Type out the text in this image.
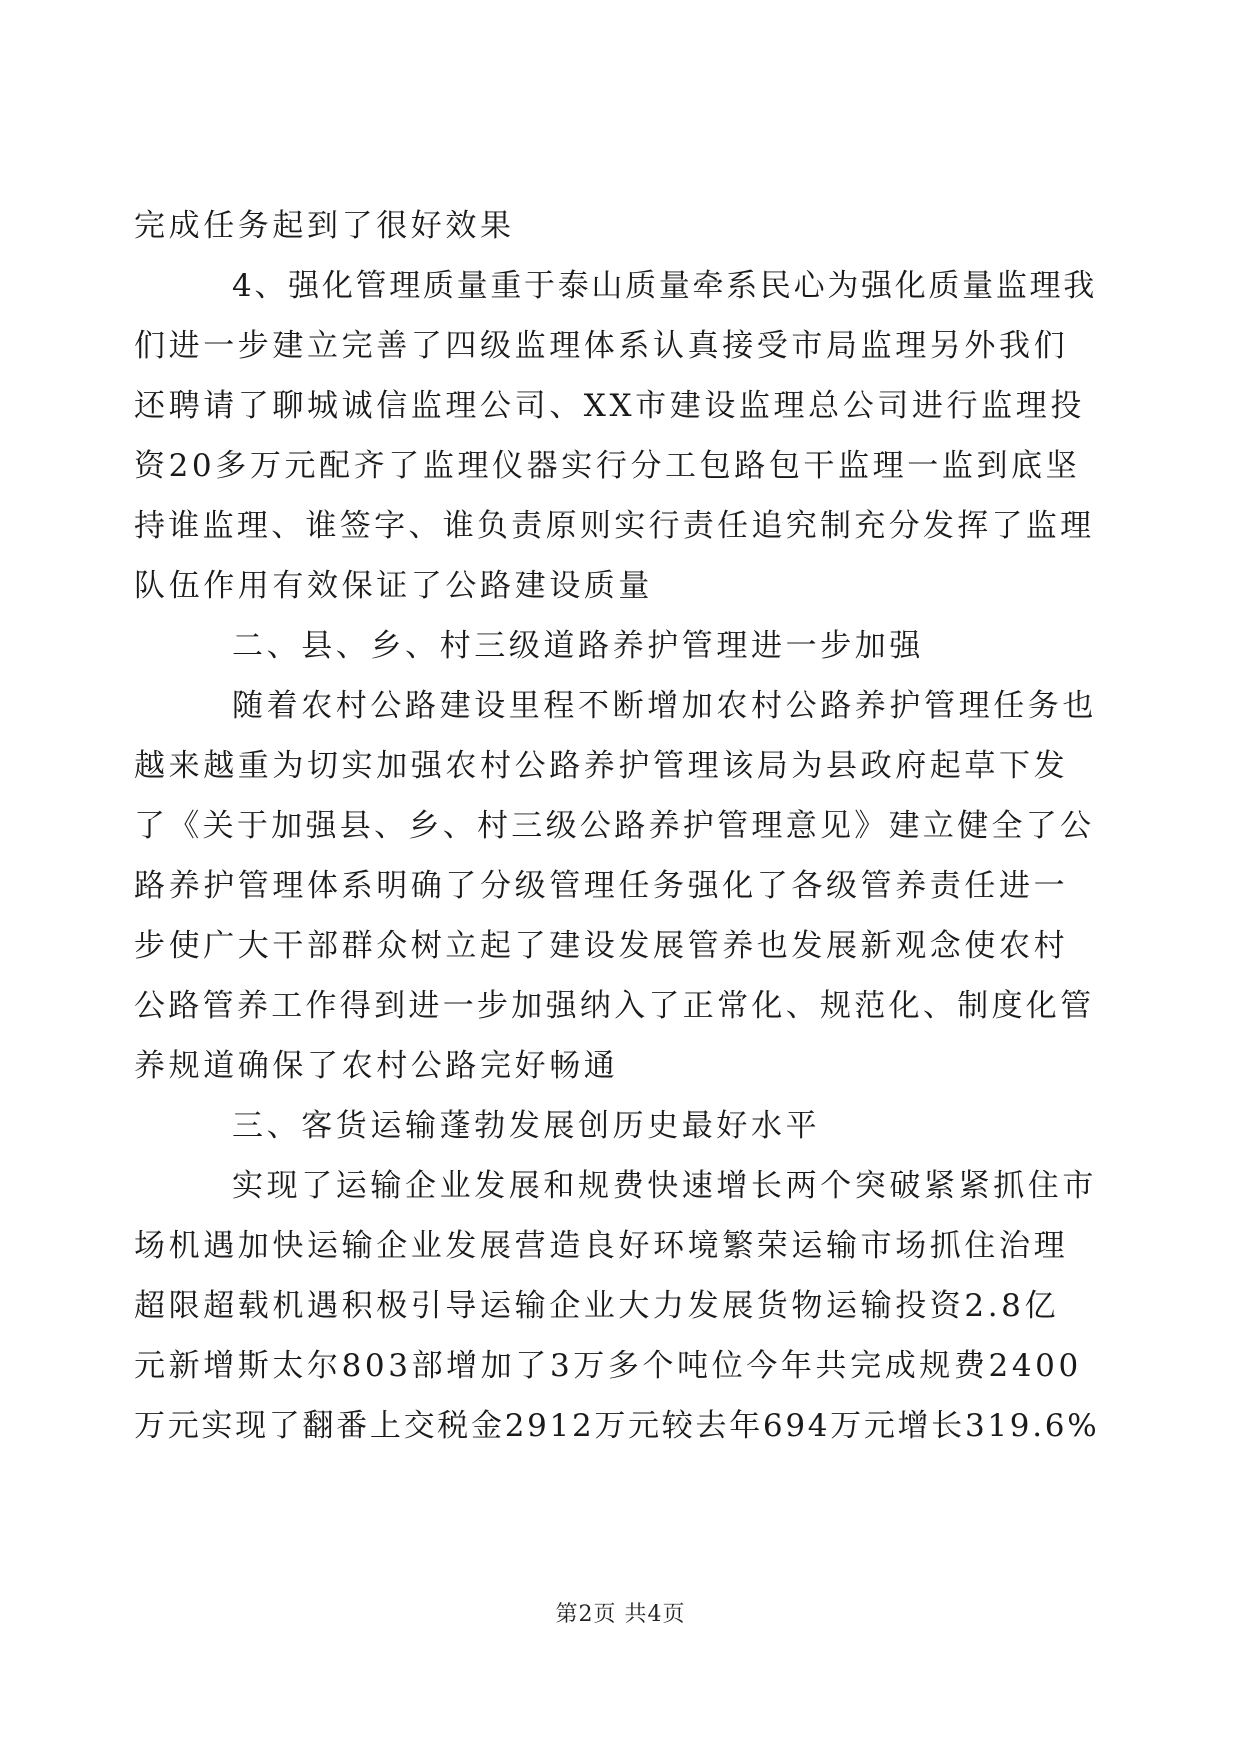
完成任务起到了很好效果
4、强化管理质量重于泰山质量牵系民心为强化质量监理我
们进一步建立完善了四级监理体系认真接受市局监理另外我们
还聘请了聊城诚信监理公司、XX市建设监理总公司进行监理投
资20多万元配齐了监理仪器实行分工包路包干监理一监到底坚
持谁监理、谁签字、谁负责原则实行责任追究制充分发挥了监理
队伍作用有效保证了公路建设质量
二、县、乡、村三级道路养护管理进一步加强
随着农村公路建设里程不断增加农村公路养护管理任务也
越来越重为切实加强农村公路养护管理该局为县政府起草下发
了《关于加强县、乡、村三级公路养护管理意见》建立健全了公
路养护管理体系明确了分级管理任务强化了各级管养责任进一
步使广大干部群众树立起了建设发展管养也发展新观念使农村
公路管养工作得到进一步加强纳入了正常化、规范化、制度化管
养规道确保了农村公路完好畅通
三、客货运输蓬勃发展创历史最好水平
实现了运输企业发展和规费快速增长两个突破紧紧抓住市
场机遇加快运输企业发展营造良好环境繁荣运输市场抓住治理
超限超载机遇积极引导运输企业大力发展货物运输投资2.8亿
元新增斯太尔803部增加了3万多个吨位今年共完成规费2400
万元实现了翻番上交税金2912万元较去年694万元增长319.6%
第2页 共4页
